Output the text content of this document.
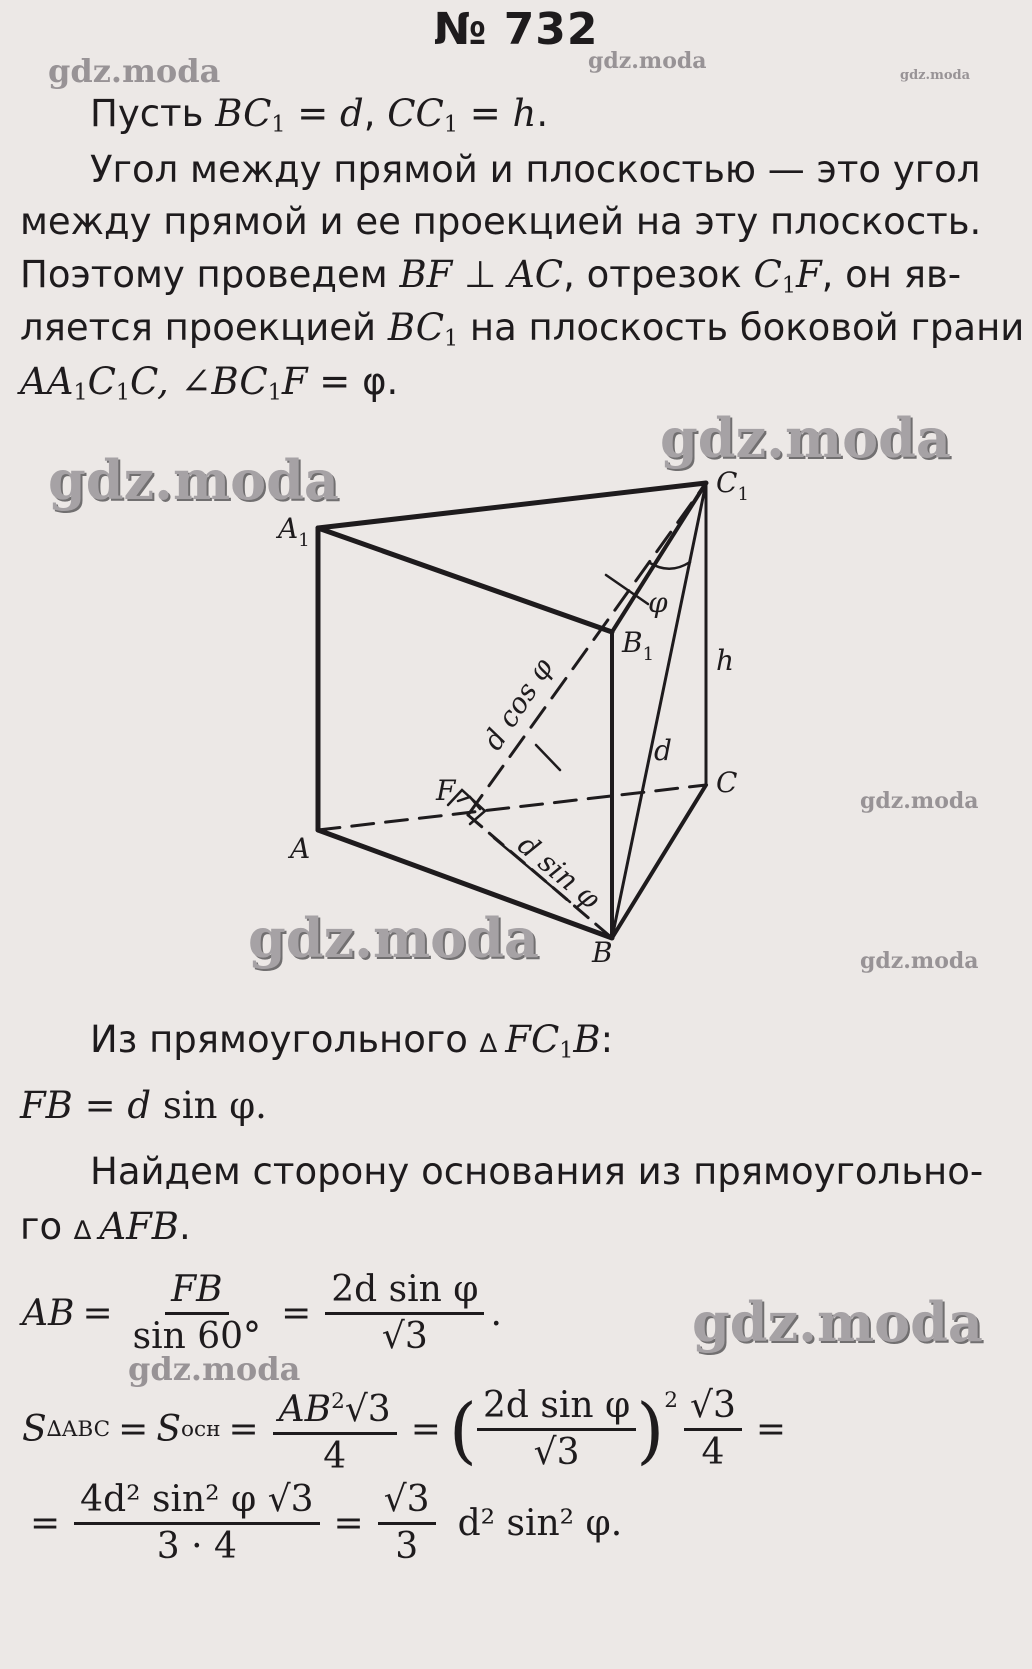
№ 732
gdz.moda	gdz.moda
gdz.moda
gdz.moda
gdz.moda
gdz.moda
gdz.moda	gdz.moda
gdz.moda
gdz.moda
Пусть $BC_1 = d$, $CC_1 = h$.
Угол между прямой и плоскостью — это угол
между прямой и ее проекцией на эту плоскость.
Поэтому проведем BF ⊥ AC, отрезок $C_1F$, он яв-
ляется проекцией $BC_1$ на плоскость боковой грани
$AA_1C_1C$, $\angle BC_1F = \varphi$.
$A_1$
$C_1$
$B_1$
A
B
C
F
h
d
φ
d cos φ
d sin φ
Из прямоугольного ∆ $FC_1B$:
FB = d sin φ.
Найдем сторону основания из прямоугольно-
го ∆ AFB.
AB = $\frac{FB}{\sin 60^\circ} = \frac{\text{2d sin φ}}{√3}$ .
S ∆ABC = S осн = $\frac{AB^2√3}{4}$ = ( $\frac{\text{2d sin φ}}{√3} )^2 \frac{√3}{4}$ =
= $\frac{\text{4d² sin² φ √3}}{3 \cdot 4} = \frac{√3}{3} d^2$ sin² φ.
